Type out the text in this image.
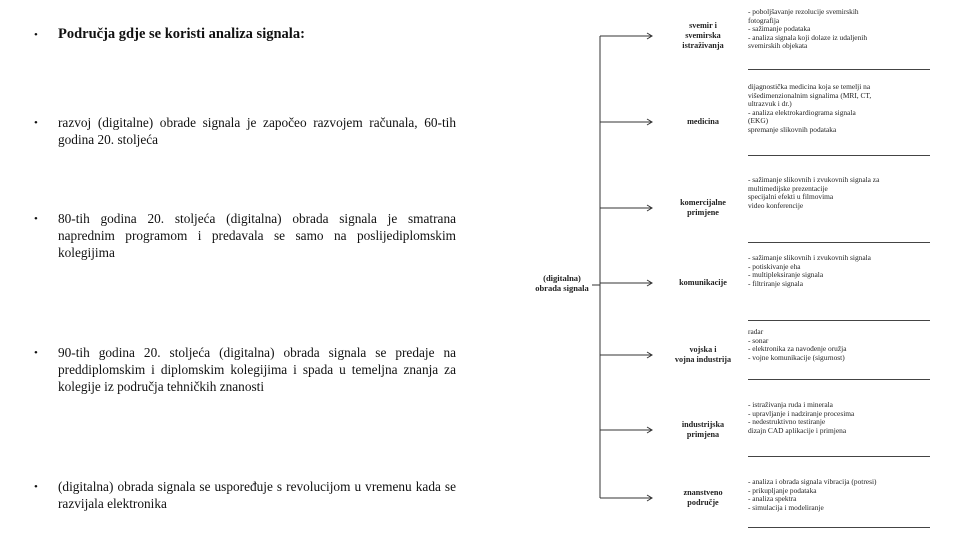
• Područja gdje se koristi analiza signala:
• razvoj (digitalne) obrade signala je započeo razvojem računala, 60-tih godina 20. stoljeća
• 80-tih godina 20. stoljeća (digitalna) obrada signala je smatrana naprednim programom i predavala se samo na poslijediplomskim kolegijima
• 90-tih godina 20. stoljeća (digitalna) obrada signala se predaje na preddiplomskim i diplomskim kolegijima i spada u temeljna znanja za kolegije iz područja tehničkih znanosti
• (digitalna) obrada signala se uspoređuje s revolucijom u vremenu kada se razvijala elektronika
(digitalna)
obrada signala
svemir i
svemirska
istraživanja
- poboljšavanje rezolucije svemirskih
fotografija
- sažimanje podataka
- analiza signala koji dolaze iz udaljenih
svemirskih objekata
medicina
dijagnostička medicina koja se temelji na
višedimenzionalnim signalima (MRI, CT,
ultrazvuk i dr.)
- analiza elektrokardiograma signala
(EKG)
spremanje slikovnih podataka
komercijalne
primjene
- sažimanje slikovnih i zvukovnih signala za
multimedijske prezentacije
specijalni efekti u filmovima
video konferencije
komunikacije
- sažimanje slikovnih i zvukovnih signala
- potiskivanje eha
- multipleksiranje signala
- filtriranje signala
vojska i
vojna industrija
radar
- sonar
- elektronika za navođenje oružja
- vojne komunikacije (sigurnost)
industrijska
primjena
- istraživanja ruda i minerala
- upravljanje i nadziranje procesima
- nedestruktivno testiranje
dizajn CAD aplikacije i primjena
znanstveno
područje
- analiza i obrada signala vibracija (potresi)
- prikupljanje podataka
- analiza spektra
- simulacija i modeliranje
